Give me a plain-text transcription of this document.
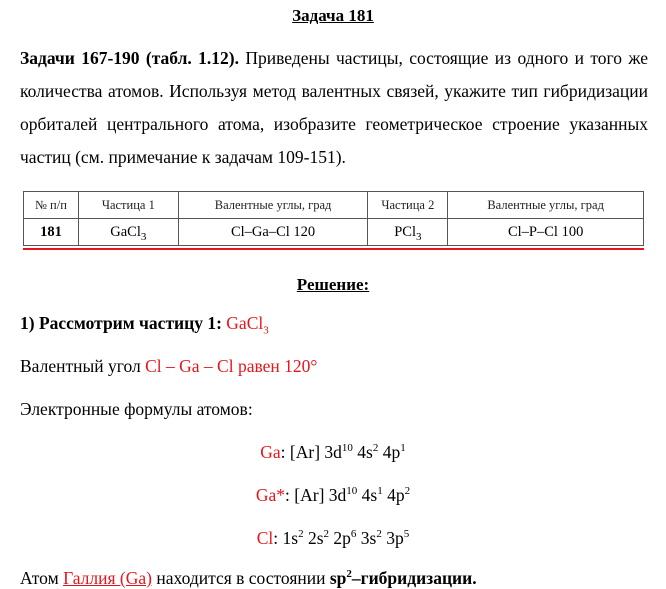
Задача 181
Задачи 167-190 (табл. 1.12). Приведены частицы, состоящие из одного и того же количества атомов. Используя метод валентных связей, укажите тип гибридизации орбиталей центрального атома, изобразите геометрическое строение указанных частиц (см. примечание к задачам 109-151).
№ п/п	Частица 1	Валентные углы, град	Частица 2	Валентные углы, град
181	GaCl$_3$	Cl–Ga–Cl 120	PCl$_3$	Cl–P–Cl 100
Решение:
1) Рассмотрим частицу 1: GaCl$_3$
Валентный угол Cl – Ga – Cl равен 120°
Электронные формулы атомов:
Ga: [Ar] $3d^{10}$ $4s^2$ $4p^1$
Ga*: [Ar] $3d^{10}$ $4s^1$ $4p^2$
Cl: $1s^2$ $2s^2$ $2p^6$ $3s^2$ $3p^5$
Атом Галлия (Ga) находится в состоянии $sp^2$–гибридизации.
